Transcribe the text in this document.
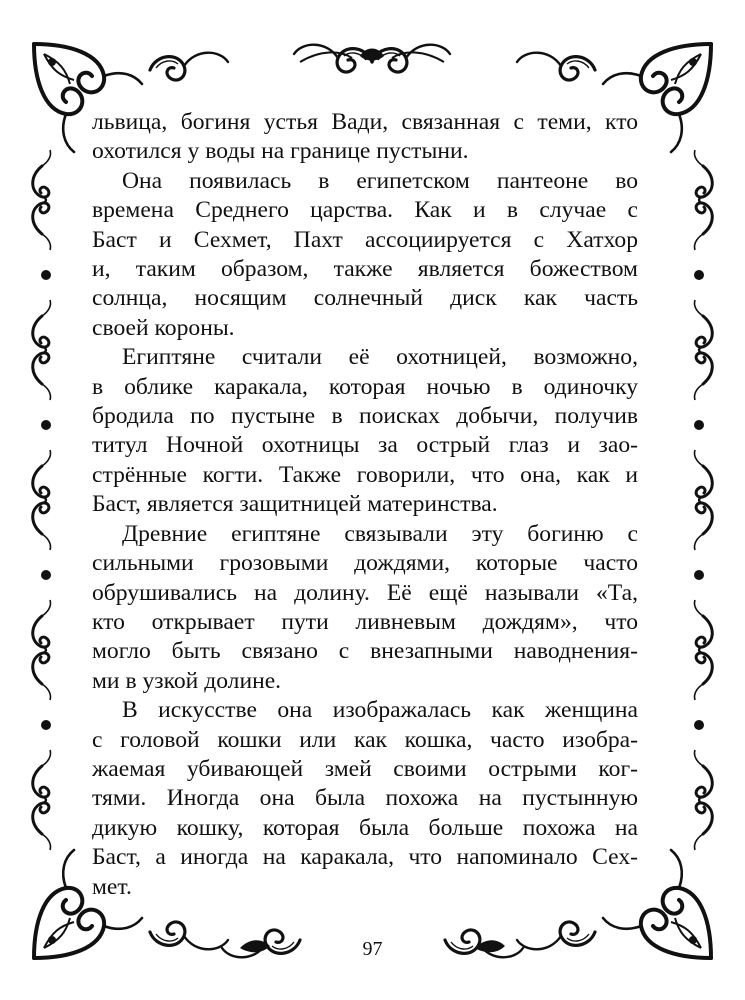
львица, богиня устья Вади, связанная с теми, кто
охотился у воды на границе пустыни.
Она появилась в египетском пантеоне во
времена Среднего царства. Как и в случае с
Баст и Сехмет, Пахт ассоциируется с Хатхор
и, таким образом, также является божеством
солнца, носящим солнечный диск как часть
своей короны.
Египтяне считали её охотницей, возможно,
в облике каракала, которая ночью в одиночку
бродила по пустыне в поисках добычи, получив
титул Ночной охотницы за острый глаз и зао-
стрённые когти. Также говорили, что она, как и
Баст, является защитницей материнства.
Древние египтяне связывали эту богиню с
сильными грозовыми дождями, которые часто
обрушивались на долину. Её ещё называли «Та,
кто открывает пути ливневым дождям», что
могло быть связано с внезапными наводнения-
ми в узкой долине.
В искусстве она изображалась как женщина
с головой кошки или как кошка, часто изобра-
жаемая убивающей змей своими острыми ког-
тями. Иногда она была похожа на пустынную
дикую кошку, которая была больше похожа на
Баст, а иногда на каракала, что напоминало Сех-
мет.
97
